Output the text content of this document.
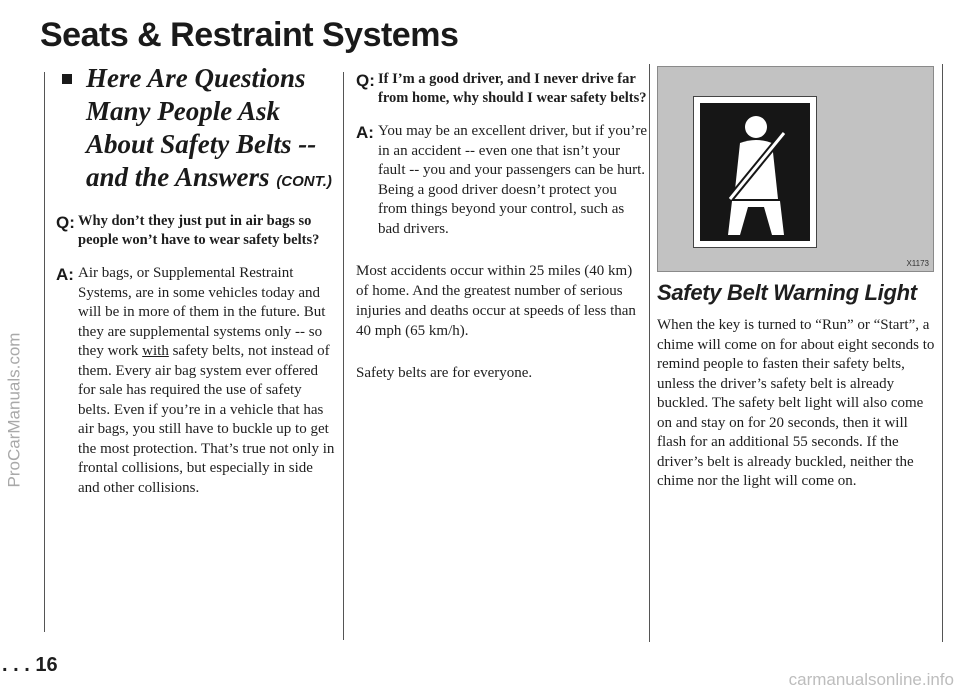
ProCarManuals.com
carmanualsonline.info
Seats & Restraint Systems
Here Are Questions Many People Ask About Safety Belts -- and the Answers (CONT.)
Q: Why don’t they just put in air bags so people won’t have to wear safety belts?
A: Air bags, or Supplemental Restraint Systems, are in some vehicles today and will be in more of them in the future. But they are supplemental systems only -- so they work with safety belts, not instead of them. Every air bag system ever offered for sale has required the use of safety belts. Even if you’re in a vehicle that has air bags, you still have to buckle up to get the most protection. That’s true not only in frontal collisions, but especially in side and other collisions.
Q: If I’m a good driver, and I never drive far from home, why should I wear safety belts?
A: You may be an excellent driver, but if you’re in an accident -- even one that isn’t your fault -- you and your passengers can be hurt. Being a good driver doesn’t protect you from things beyond your control, such as bad drivers.

Most accidents occur within 25 miles (40 km) of home. And the greatest number of serious injuries and deaths occur at speeds of less than 40 mph (65 km/h).

Safety belts are for everyone.

X1173
Safety Belt Warning Light
When the key is turned to “Run” or “Start”, a chime will come on for about eight seconds to remind people to fasten their safety belts, unless the driver’s safety belt is already buckled. The safety belt light will also come on and stay on for 20 seconds, then it will flash for an additional 55 seconds. If the driver’s belt is already buckled, neither the chime nor the light will come on.
. . . 16
